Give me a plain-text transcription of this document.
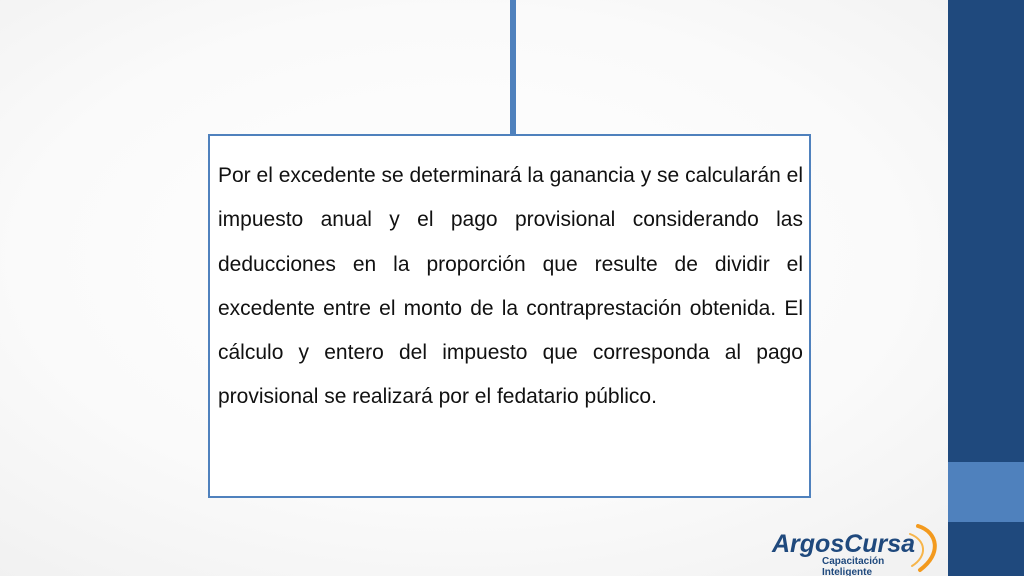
Por el excedente se determinará la ganancia y se calcularán el impuesto anual y el pago provisional considerando las deducciones en la proporción que resulte de dividir el excedente entre el monto de la contraprestación obtenida. El cálculo y entero del impuesto que corresponda al pago provisional se realizará por el fedatario público.

ArgosCursa
Capacitación
Inteligente
